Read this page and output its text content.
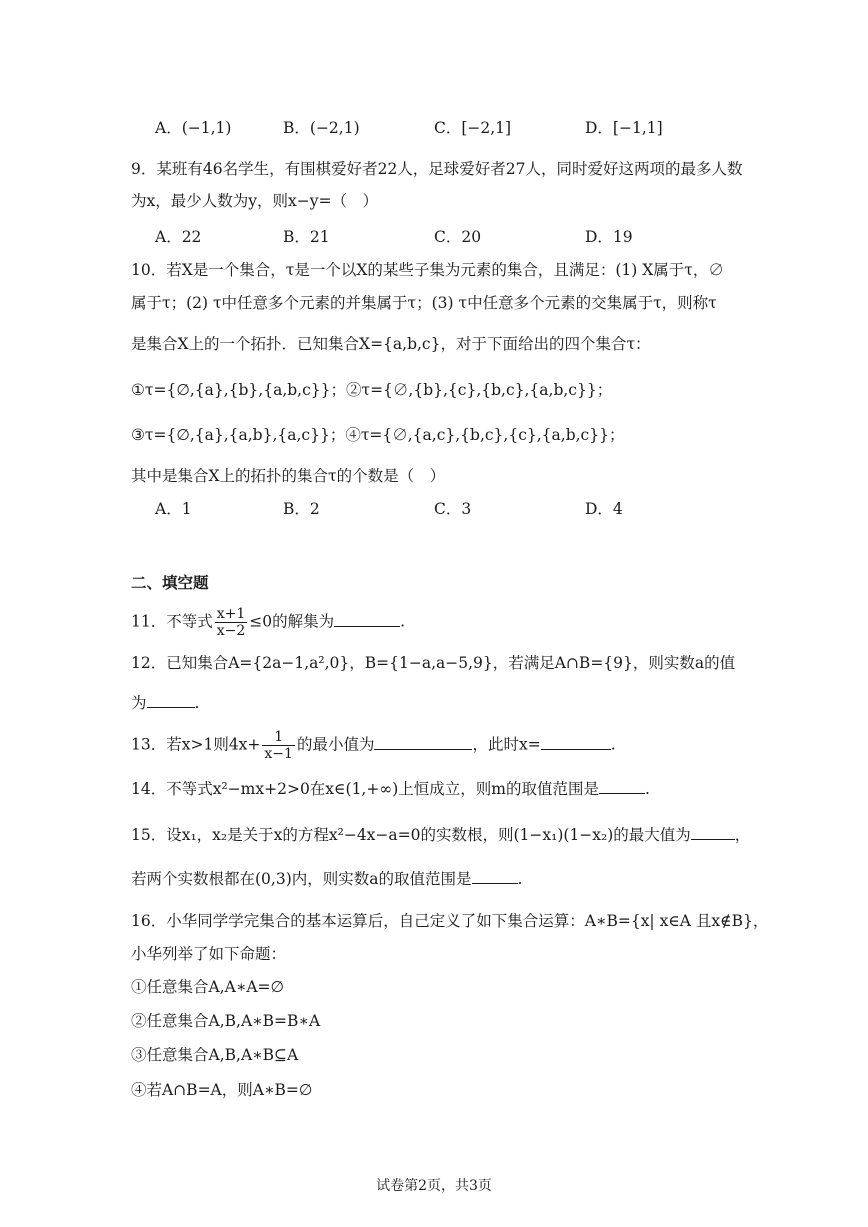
A．(−1,1)	B．(−2,1)	C．[−2,1]	D．[−1,1]
9．某班有46名学生，有围棋爱好者22人，足球爱好者27人，同时爱好这两项的最多人数
为x，最少人数为y，则x−y=（　）
A．22	B．21	C．20	D．19
10．若X是一个集合，τ是一个以X的某些子集为元素的集合，且满足：(1) X属于τ，∅
属于τ；(2) τ中任意多个元素的并集属于τ；(3) τ中任意多个元素的交集属于τ，则称τ
是集合X上的一个拓扑．已知集合X={a,b,c}，对于下面给出的四个集合τ：
①τ={∅,{a},{b},{a,b,c}}；②τ={∅,{b},{c},{b,c},{a,b,c}}；
③τ={∅,{a},{a,b},{a,c}}；④τ={∅,{a,c},{b,c},{c},{a,b,c}}；
其中是集合X上的拓扑的集合τ的个数是（　）
A．1	B．2	C．3	D．4
二、填空题
11．不等式 $\frac{x+1}{x-2} \le 0$的解集为	.
12．已知集合A={2a−1,a²,0}，B={1−a,a−5,9}，若满足A∩B={9}，则实数a的值
为	.
13．若x>1则$4x+ \frac{1}{x-1}$ 的最小值为	，此时x=	.
14．不等式x²−mx+2>0在x∈(1,+∞)上恒成立，则m的取值范围是	.
15．设x₁，x₂是关于x的方程x²−4x−a=0的实数根，则(1−x₁)(1−x₂)的最大值为	，
若两个实数根都在(0,3)内，则实数a的取值范围是	.
16．小华同学学完集合的基本运算后，自己定义了如下集合运算：A∗B={x| x∈A 且x∉B}，
小华列举了如下命题：
①任意集合A,A∗A=∅
②任意集合A,B,A∗B=B∗A
③任意集合A,B,A∗B⊆A
④若A∩B=A，则A∗B=∅
试卷第2页，共3页
